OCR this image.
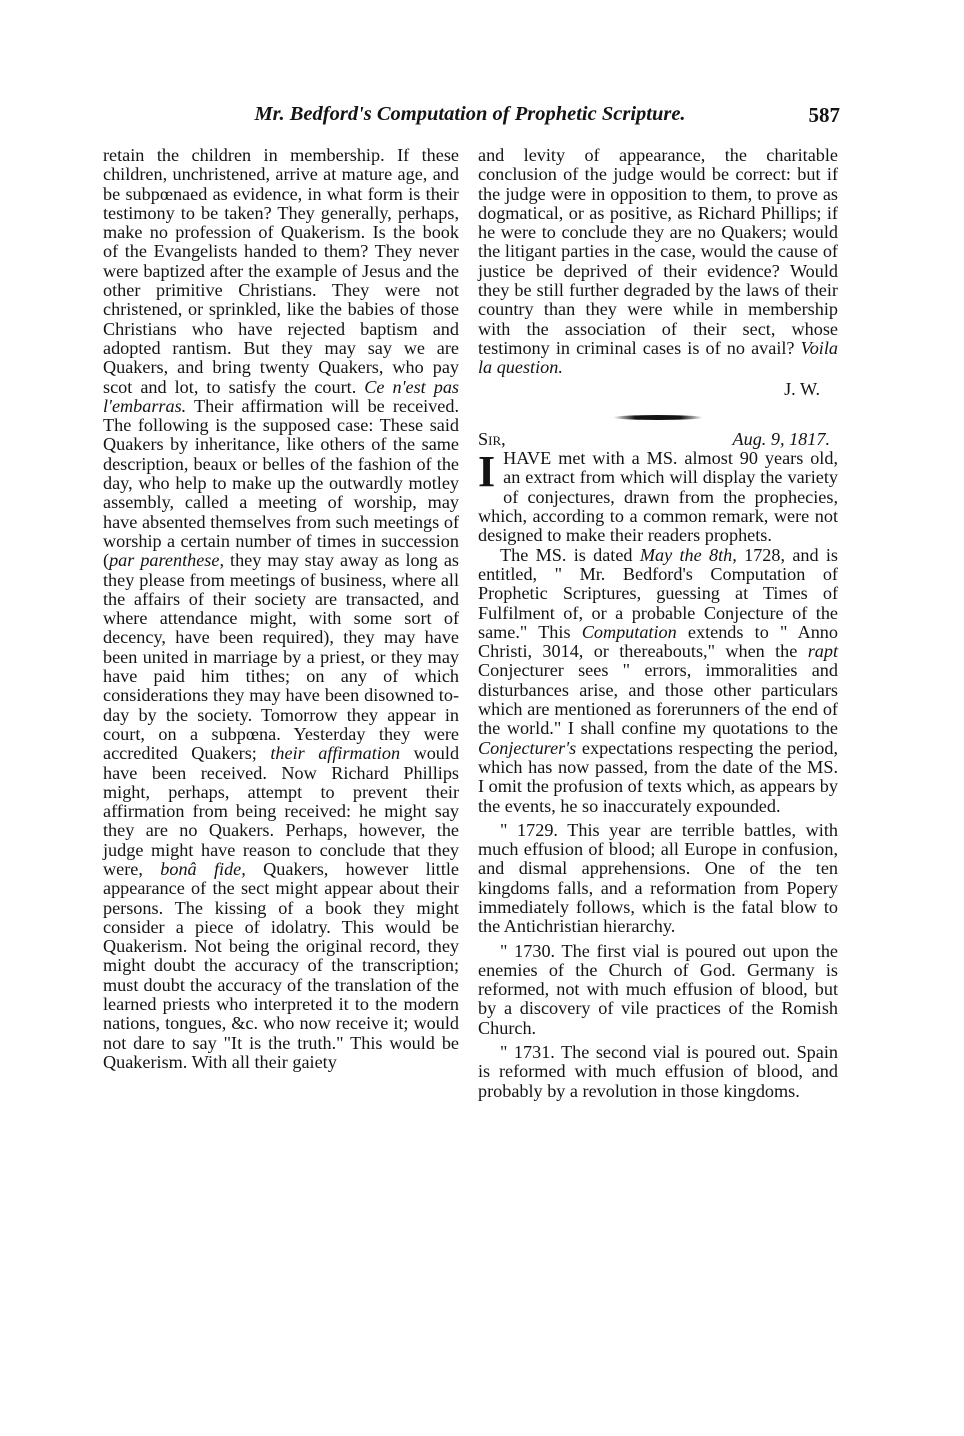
Mr. Bedford's Computation of Prophetic Scripture.	587

retain the children in membership. If these children, unchristened, arrive at mature age, and be subpœnaed as evidence, in what form is their testimony to be taken? They generally, perhaps, make no profession of Quakerism. Is the book of the Evangelists handed to them? They never were baptized after the example of Jesus and the other primitive Christians. They were not christened, or sprinkled, like the babies of those Christians who have rejected baptism and adopted rantism. But they may say we are Quakers, and bring twenty Quakers, who pay scot and lot, to satisfy the court. Ce n'est pas l'embarras. Their affirmation will be received. The following is the supposed case: These said Quakers by inheritance, like others of the same description, beaux or belles of the fashion of the day, who help to make up the outwardly motley assembly, called a meeting of worship, may have absented themselves from such meetings of worship a certain number of times in succession (par parenthese, they may stay away as long as they please from meetings of business, where all the affairs of their society are transacted, and where attendance might, with some sort of decency, have been required), they may have been united in marriage by a priest, or they may have paid him tithes; on any of which considerations they may have been disowned to-day by the society. Tomorrow they appear in court, on a subpœna. Yesterday they were accredited Quakers; their affirmation would have been received. Now Richard Phillips might, perhaps, attempt to prevent their affirmation from being received: he might say they are no Quakers. Perhaps, however, the judge might have reason to conclude that they were, bonâ fide, Quakers, however little appearance of the sect might appear about their persons. The kissing of a book they might consider a piece of idolatry. This would be Quakerism. Not being the original record, they might doubt the accuracy of the transcription; must doubt the accuracy of the translation of the learned priests who interpreted it to the modern nations, tongues, &c. who now receive it; would not dare to say "It is the truth." This would be Quakerism. With all their gaiety

and levity of appearance, the charitable conclusion of the judge would be correct: but if the judge were in opposition to them, to prove as dogmatical, or as positive, as Richard Phillips; if he were to conclude they are no Quakers; would the litigant parties in the case, would the cause of justice be deprived of their evidence? Would they be still further degraded by the laws of their country than they were while in membership with the association of their sect, whose testimony in criminal cases is of no avail? Voila la question.

J. W.

Sir,	Aug. 9, 1817.

IHAVE met with a MS. almost 90 years old, an extract from which will display the variety of conjectures, drawn from the prophecies, which, according to a common remark, were not designed to make their readers prophets.

The MS. is dated May the 8th, 1728, and is entitled, " Mr. Bedford's Computation of Prophetic Scriptures, guessing at Times of Fulfilment of, or a probable Conjecture of the same." This Computation extends to " Anno Christi, 3014, or thereabouts," when the rapt Conjecturer sees " errors, immoralities and disturbances arise, and those other particulars which are mentioned as forerunners of the end of the world." I shall confine my quotations to the Conjecturer's expectations respecting the period, which has now passed, from the date of the MS. I omit the profusion of texts which, as appears by the events, he so inaccurately expounded.

" 1729. This year are terrible battles, with much effusion of blood; all Europe in confusion, and dismal apprehensions. One of the ten kingdoms falls, and a reformation from Popery immediately follows, which is the fatal blow to the Antichristian hierarchy.

" 1730. The first vial is poured out upon the enemies of the Church of God. Germany is reformed, not with much effusion of blood, but by a discovery of vile practices of the Romish Church.

" 1731. The second vial is poured out. Spain is reformed with much effusion of blood, and probably by a revolution in those kingdoms.
